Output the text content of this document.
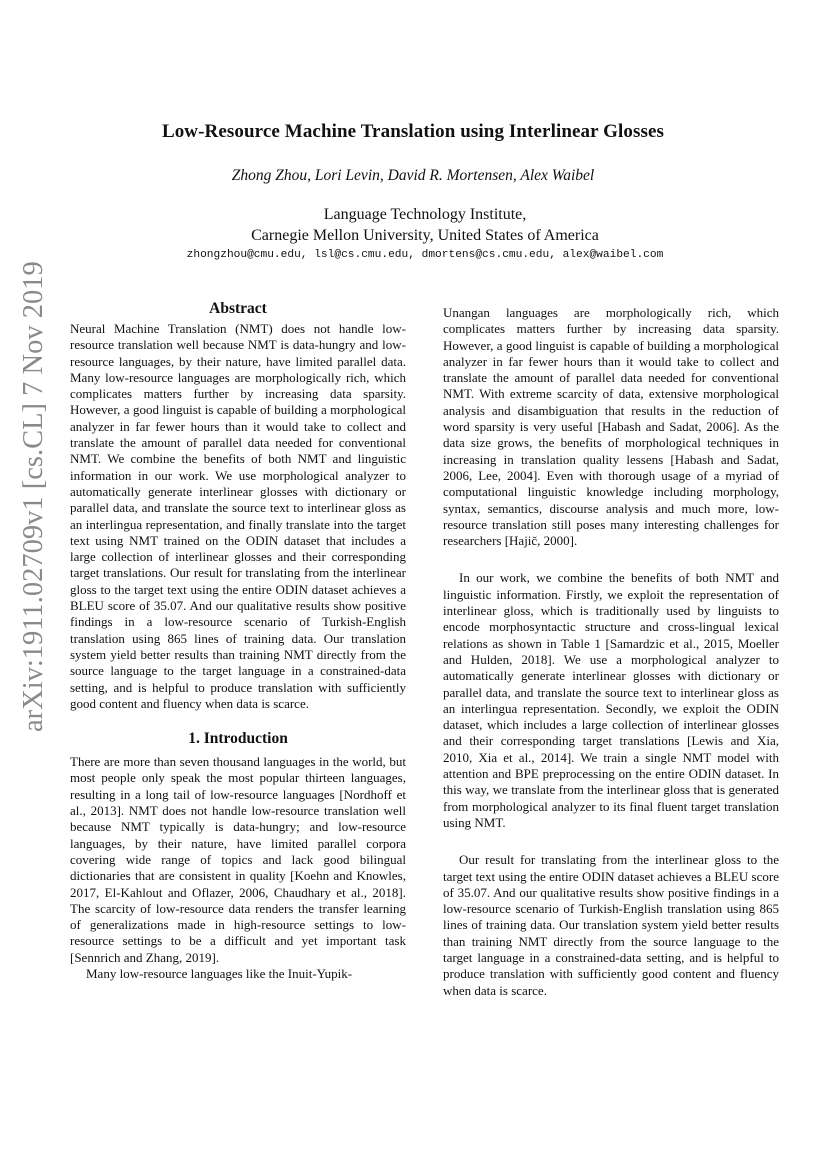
arXiv:1911.02709v1 [cs.CL] 7 Nov 2019
Low-Resource Machine Translation using Interlinear Glosses
Zhong Zhou, Lori Levin, David R. Mortensen, Alex Waibel
Language Technology Institute,
Carnegie Mellon University, United States of America
zhongzhou@cmu.edu, lsl@cs.cmu.edu, dmortens@cs.cmu.edu, alex@waibel.com
Abstract

Neural Machine Translation (NMT) does not handle low-resource translation well because NMT is data-hungry and low-resource languages, by their nature, have limited parallel data. Many low-resource languages are morphologically rich, which complicates matters further by increasing data sparsity. However, a good linguist is capable of building a morphological analyzer in far fewer hours than it would take to collect and translate the amount of parallel data needed for conventional NMT. We combine the benefits of both NMT and linguistic information in our work. We use morphological analyzer to automatically generate interlinear glosses with dictionary or parallel data, and translate the source text to interlinear gloss as an interlingua representation, and finally translate into the target text using NMT trained on the ODIN dataset that includes a large collection of interlinear glosses and their corresponding target translations. Our result for translating from the interlinear gloss to the target text using the entire ODIN dataset achieves a BLEU score of 35.07. And our qualitative results show positive findings in a low-resource scenario of Turkish-English translation using 865 lines of training data. Our translation system yield better results than training NMT directly from the source language to the target language in a constrained-data setting, and is helpful to produce translation with sufficiently good content and fluency when data is scarce.

1. Introduction

There are more than seven thousand languages in the world, but most people only speak the most popular thirteen languages, resulting in a long tail of low-resource languages [Nordhoff et al., 2013]. NMT does not handle low-resource translation well because NMT typically is data-hungry; and low-resource languages, by their nature, have limited parallel corpora covering wide range of topics and lack good bilingual dictionaries that are consistent in quality [Koehn and Knowles, 2017, El-Kahlout and Oflazer, 2006, Chaudhary et al., 2018]. The scarcity of low-resource data renders the transfer learning of generalizations made in high-resource settings to low-resource settings to be a difficult and yet important task [Sennrich and Zhang, 2019].

Many low-resource languages like the Inuit-Yupik-

Unangan languages are morphologically rich, which complicates matters further by increasing data sparsity. However, a good linguist is capable of building a morphological analyzer in far fewer hours than it would take to collect and translate the amount of parallel data needed for conventional NMT. With extreme scarcity of data, extensive morphological analysis and disambiguation that results in the reduction of word sparsity is very useful [Habash and Sadat, 2006]. As the data size grows, the benefits of morphological techniques in increasing in translation quality lessens [Habash and Sadat, 2006, Lee, 2004]. Even with thorough usage of a myriad of computational linguistic knowledge including morphology, syntax, semantics, discourse analysis and much more, low-resource translation still poses many interesting challenges for researchers [Hajič, 2000].

In our work, we combine the benefits of both NMT and linguistic information. Firstly, we exploit the representation of interlinear gloss, which is traditionally used by linguists to encode morphosyntactic structure and cross-lingual lexical relations as shown in Table 1 [Samardzic et al., 2015, Moeller and Hulden, 2018]. We use a morphological analyzer to automatically generate interlinear glosses with dictionary or parallel data, and translate the source text to interlinear gloss as an interlingua representation. Secondly, we exploit the ODIN dataset, which includes a large collection of interlinear glosses and their corresponding target translations [Lewis and Xia, 2010, Xia et al., 2014]. We train a single NMT model with attention and BPE preprocessing on the entire ODIN dataset. In this way, we translate from the interlinear gloss that is generated from morphological analyzer to its final fluent target translation using NMT.

Our result for translating from the interlinear gloss to the target text using the entire ODIN dataset achieves a BLEU score of 35.07. And our qualitative results show positive findings in a low-resource scenario of Turkish-English translation using 865 lines of training data. Our translation system yield better results than training NMT directly from the source language to the target language in a constrained-data setting, and is helpful to produce translation with sufficiently good content and fluency when data is scarce.
